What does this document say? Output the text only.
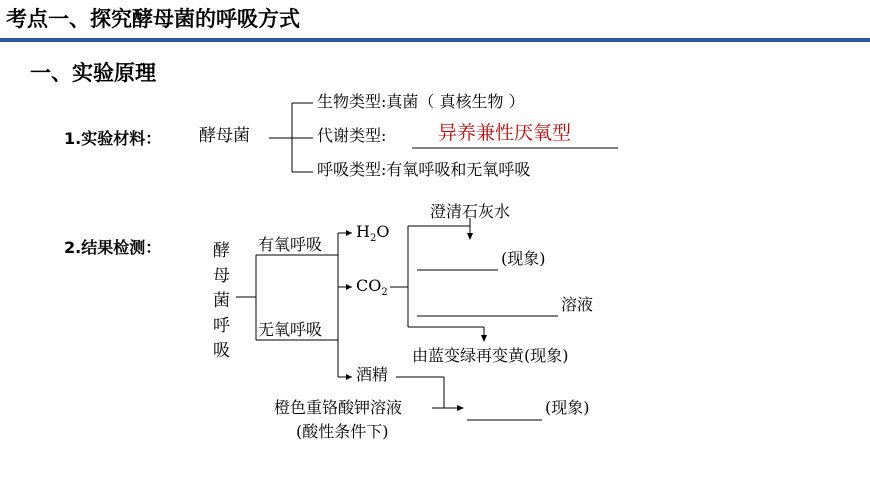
考点一、探究酵母菌的呼吸方式
一、实验原理
1.实验材料： 酵母菌
生物类型:真菌（ 真核生物 ）
代谢类型:	异养兼性厌氧型
呼吸类型:有氧呼吸和无氧呼吸
2.结果检测：	酵
母
菌
呼
吸
有氧呼吸
无氧呼吸
$H_2O$
$CO_2$
酒精
澄清石灰水
(现象)
溶液
由蓝变绿再变黄(现象)
橙色重铬酸钾溶液
(酸性条件下)
(现象)
